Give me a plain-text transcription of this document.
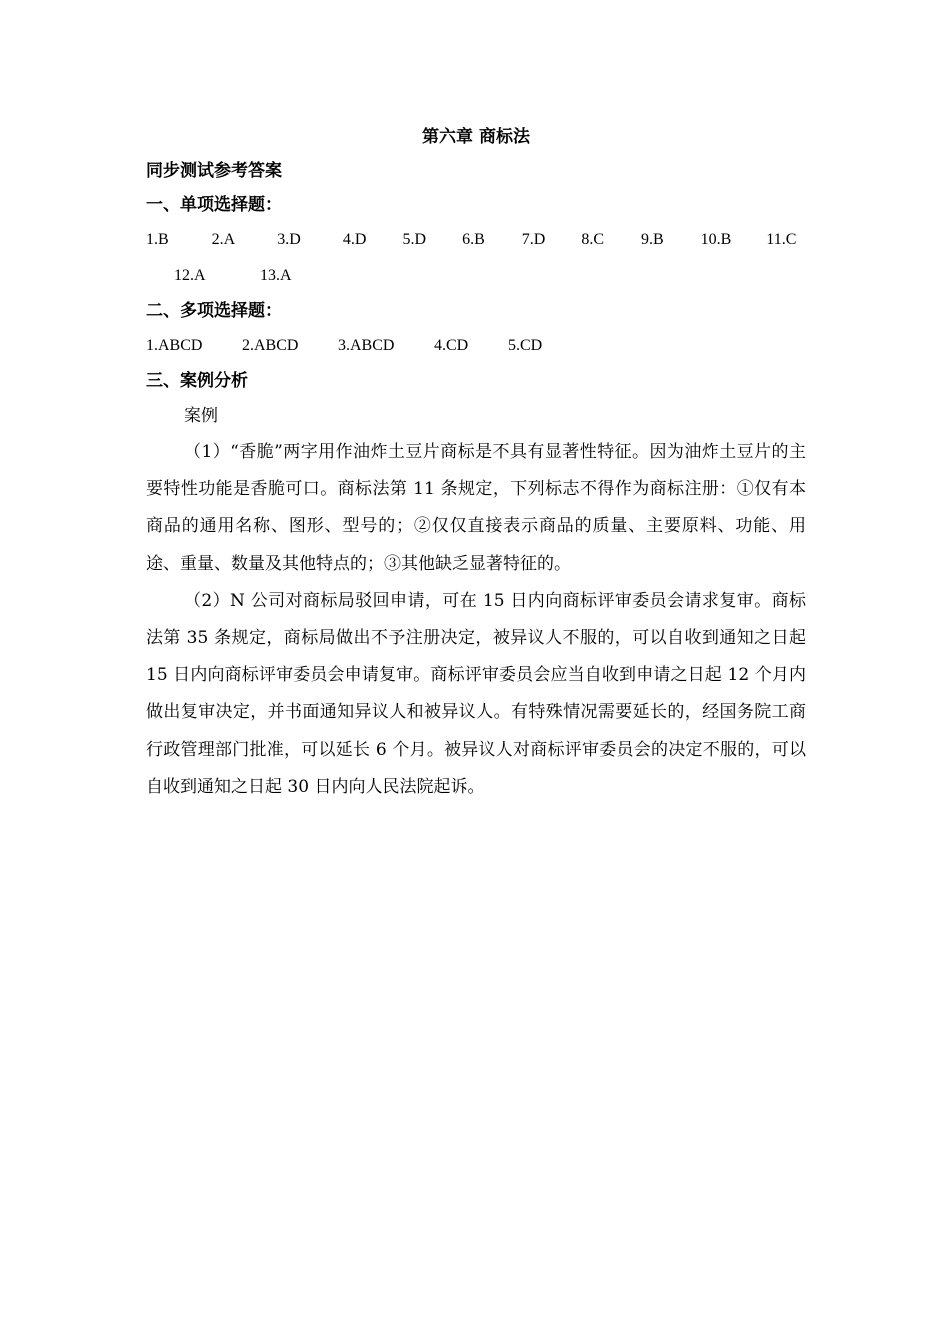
第六章 商标法
同步测试参考答案
一、单项选择题：
1.B	2.A	3.D	4.D	5.D	6.B	7.D	8.C	9.B	10.B	11.C
12.A	13.A
二、多项选择题：
1.ABCD	2.ABCD	3.ABCD	4.CD	5.CD
三、案例分析
案例

（1）“香脆”两字用作油炸土豆片商标是不具有显著性特征。因为油炸土豆片的主要特性功能是香脆可口。商标法第 11 条规定，下列标志不得作为商标注册：①仅有本商品的通用名称、图形、型号的；②仅仅直接表示商品的质量、主要原料、功能、用途、重量、数量及其他特点的；③其他缺乏显著特征的。

（2）N 公司对商标局驳回申请，可在 15 日内向商标评审委员会请求复审。商标法第 35 条规定，商标局做出不予注册决定，被异议人不服的，可以自收到通知之日起 15 日内向商标评审委员会申请复审。商标评审委员会应当自收到申请之日起 12 个月内做出复审决定，并书面通知异议人和被异议人。有特殊情况需要延长的，经国务院工商行政管理部门批准，可以延长 6 个月。被异议人对商标评审委员会的决定不服的，可以自收到通知之日起 30 日内向人民法院起诉。
